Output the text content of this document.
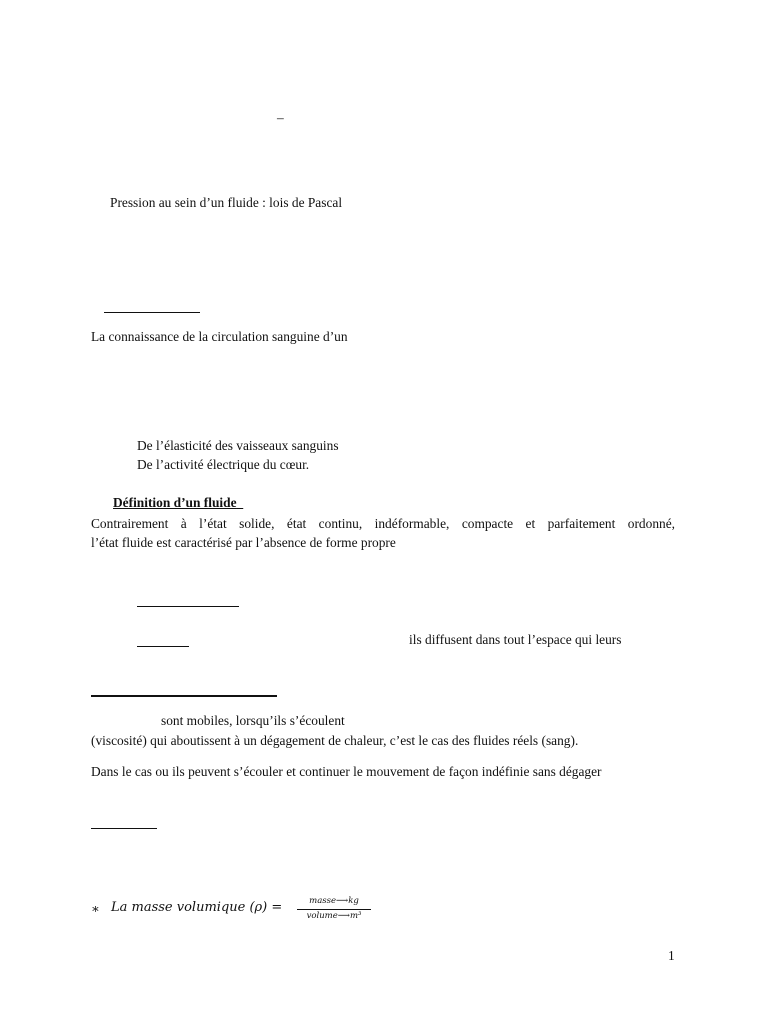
–
Pression au sein d’un fluide : lois de Pascal
La connaissance de la circulation sanguine d’un
De l’élasticité des vaisseaux sanguins
De l’activité électrique du cœur.
Définition d’un fluide
Contrairement à l’état solide, état continu, indéformable, compacte et parfaitement ordonné,
l’état fluide est caractérisé par l’absence de forme propre
ils diffusent dans tout l’espace qui leurs
sont mobiles, lorsqu’ils s’écoulent
(viscosité) qui aboutissent à un dégagement de chaleur, c’est le cas des fluides réels (sang).
Dans le cas ou ils peuvent s’écouler et continuer le mouvement de façon indéfinie sans dégager
∗ La masse volumique (ρ) =	masse⟶kg
volume⟶m³
1
